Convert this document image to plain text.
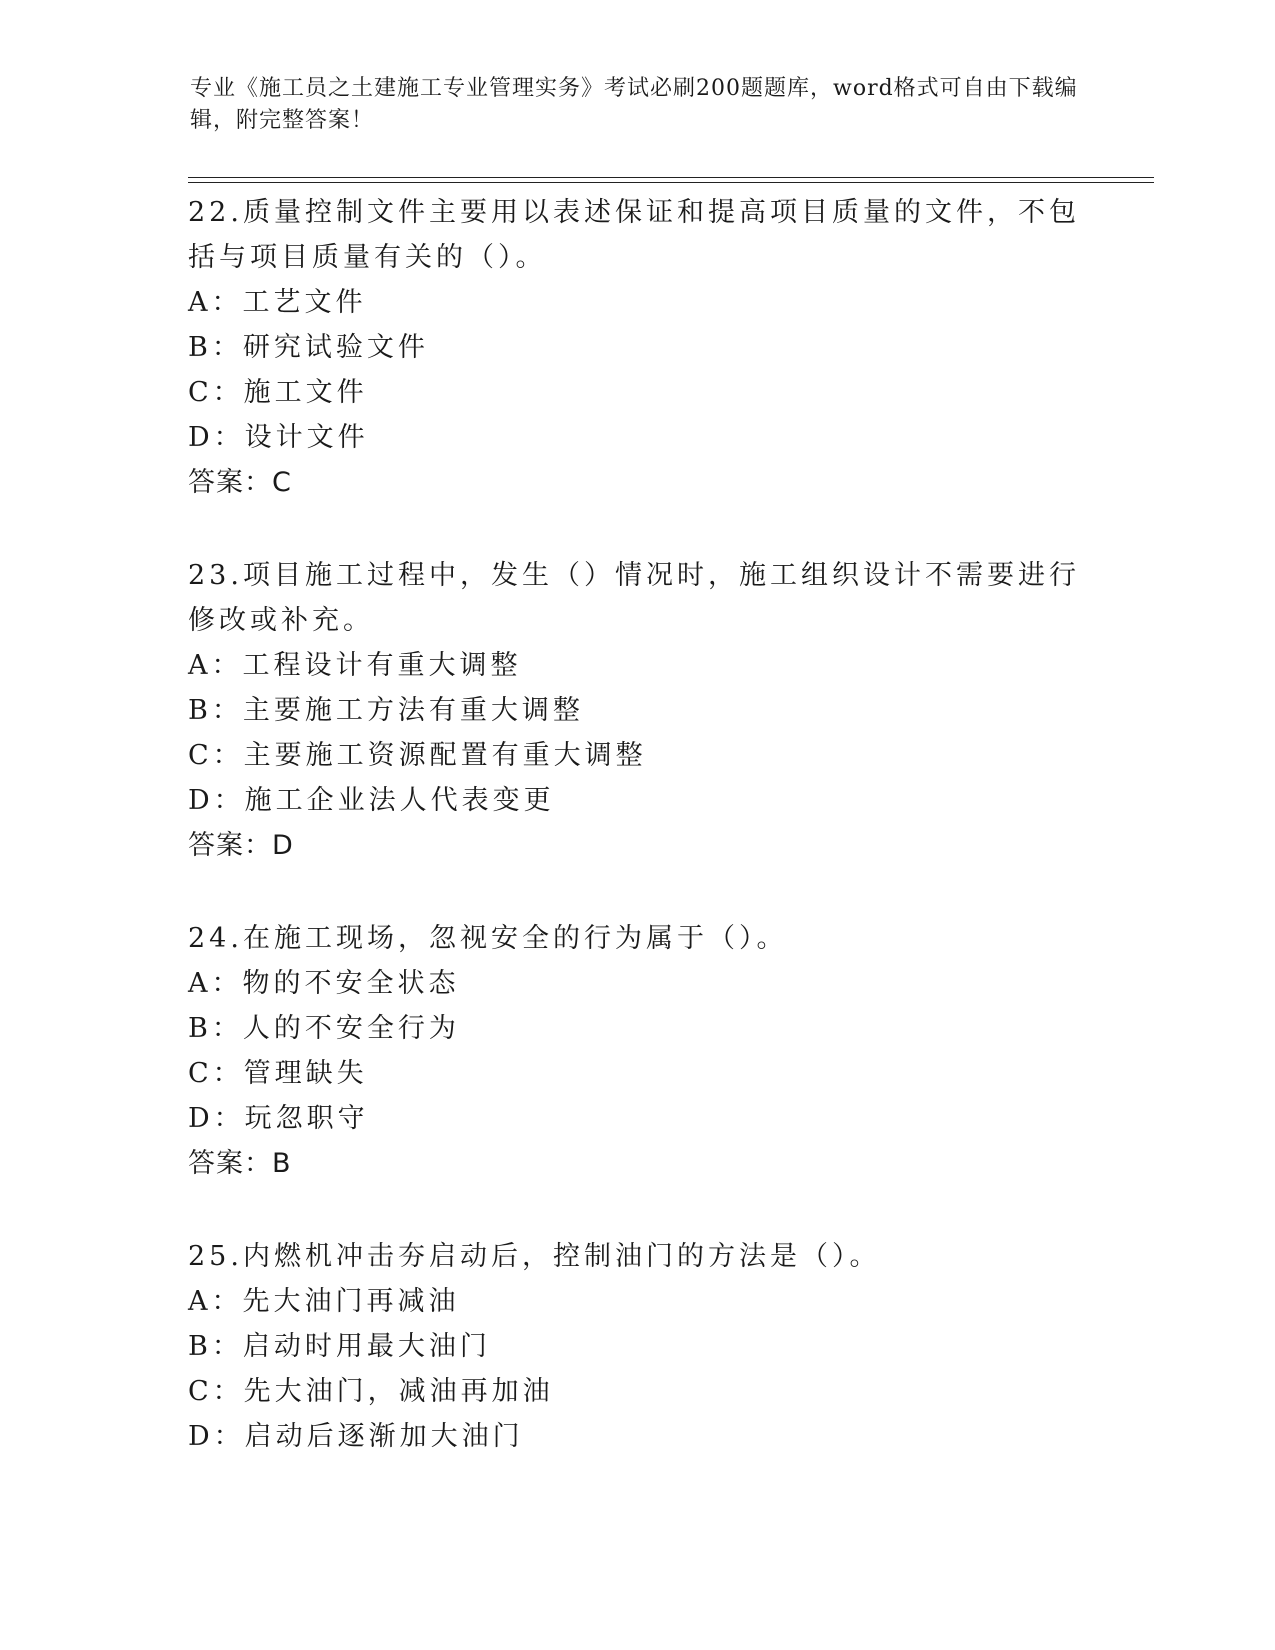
专业《施工员之土建施工专业管理实务》考试必刷200题题库，word格式可自由下载编辑，附完整答案！

22.质量控制文件主要用以表述保证和提高项目质量的文件，不包括与项目质量有关的（）。

A：工艺文件

B：研究试验文件

C：施工文件

D：设计文件

答案：C

23.项目施工过程中，发生（）情况时，施工组织设计不需要进行修改或补充。

A：工程设计有重大调整

B：主要施工方法有重大调整

C：主要施工资源配置有重大调整

D：施工企业法人代表变更

答案：D

24.在施工现场，忽视安全的行为属于（）。

A：物的不安全状态

B：人的不安全行为

C：管理缺失

D：玩忽职守

答案：B

25.内燃机冲击夯启动后，控制油门的方法是（）。

A：先大油门再减油

B：启动时用最大油门

C：先大油门，减油再加油

D：启动后逐渐加大油门
